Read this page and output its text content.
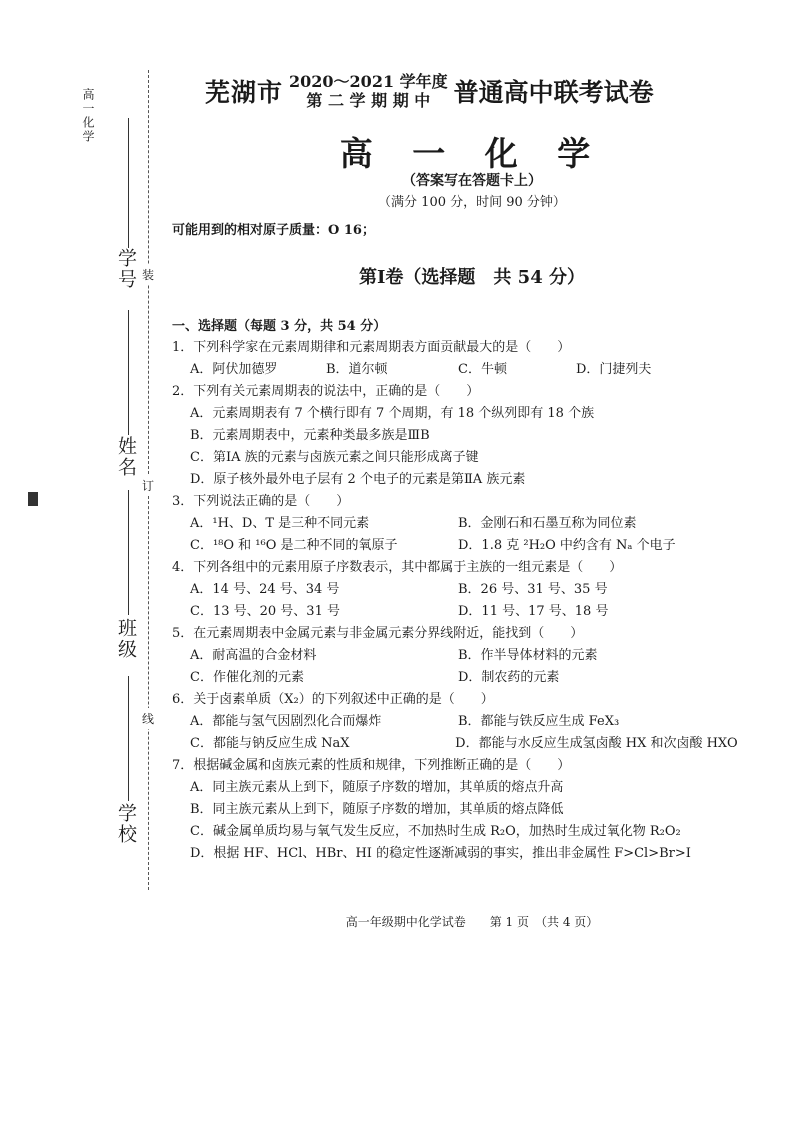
高一化学
学号
姓名
班级
学校
装
订
线
芜湖市 2020～2021 学年度
第 二 学 期 期 中 普通高中联考试卷
高 一 化 学
（答案写在答题卡上）
（满分 100 分，时间 90 分钟）
可能用到的相对原子质量：O 16；
第Ⅰ卷（选择题　共 54 分）
一、选择题（每题 3 分，共 54 分）
1．下列科学家在元素周期律和元素周期表方面贡献最大的是（　　）
A．阿伏加德罗	B．道尔顿	C．牛顿	D．门捷列夫
2．下列有关元素周期表的说法中，正确的是（　　）
A．元素周期表有 7 个横行即有 7 个周期，有 18 个纵列即有 18 个族
B．元素周期表中，元素种类最多族是ⅢB
C．第ⅠA 族的元素与卤族元素之间只能形成离子键
D．原子核外最外电子层有 2 个电子的元素是第ⅡA 族元素
3．下列说法正确的是（　　）
A．¹H、D、T 是三种不同元素	B．金刚石和石墨互称为同位素
C．¹⁸O 和 ¹⁶O 是二种不同的氧原子	D．1.8 克 ²H₂O 中约含有 Nₐ 个电子
4．下列各组中的元素用原子序数表示，其中都属于主族的一组元素是（　　）
A．14 号、24 号、34 号	B．26 号、31 号、35 号
C．13 号、20 号、31 号	D．11 号、17 号、18 号
5．在元素周期表中金属元素与非金属元素分界线附近，能找到（　　）
A．耐高温的合金材料	B．作半导体材料的元素
C．作催化剂的元素	D．制农药的元素
6．关于卤素单质（X₂）的下列叙述中正确的是（　　）
A．都能与氢气因剧烈化合而爆炸	B．都能与铁反应生成 FeX₃
C．都能与钠反应生成 NaX	D．都能与水反应生成氢卤酸 HX 和次卤酸 HXO
7．根据碱金属和卤族元素的性质和规律，下列推断正确的是（　　）
A．同主族元素从上到下，随原子序数的增加，其单质的熔点升高
B．同主族元素从上到下，随原子序数的增加，其单质的熔点降低
C．碱金属单质均易与氧气发生反应，不加热时生成 R₂O，加热时生成过氧化物 R₂O₂
D．根据 HF、HCl、HBr、HI 的稳定性逐渐减弱的事实，推出非金属性 F>Cl>Br>I
高一年级期中化学试卷　　第 1 页　（共 4 页）
